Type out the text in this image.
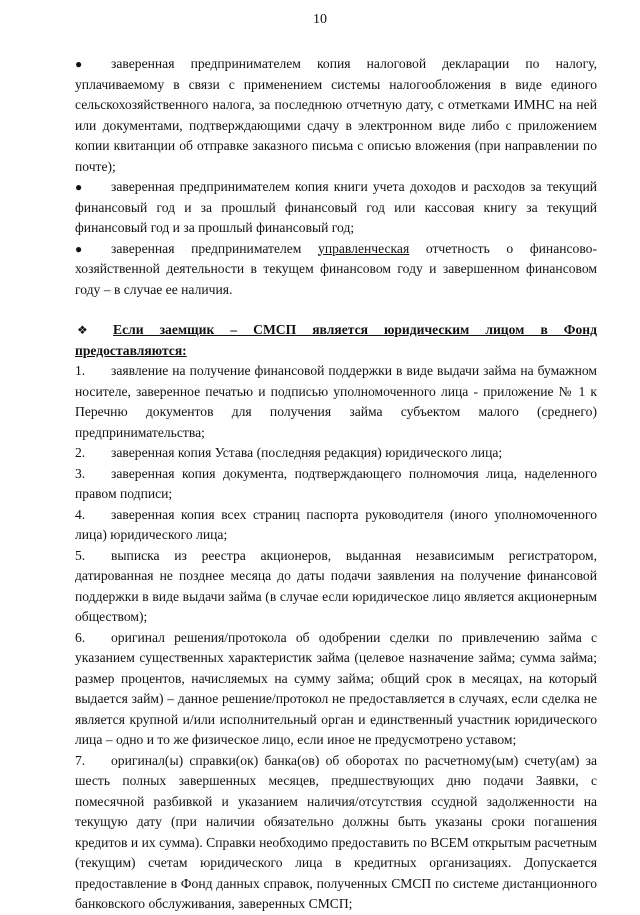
10

● заверенная предпринимателем копия налоговой декларации по налогу, уплачиваемому в связи с применением системы налогообложения в виде единого сельскохозяйственного налога, за последнюю отчетную дату, с отметками ИМНС на ней или документами, подтверждающими сдачу в электронном виде либо с приложением копии квитанции об отправке заказного письма с описью вложения (при направлении по почте);

● заверенная предпринимателем копия книги учета доходов и расходов за текущий финансовый год и за прошлый финансовый год или кассовая книгу за текущий финансовый год и за прошлый финансовый год;

● заверенная предпринимателем управленческая отчетность о финансово-хозяйственной деятельности в текущем финансовом году и завершенном финансовом году – в случае ее наличия.

❖ Если заемщик – СМСП является юридическим лицом в Фонд предоставляются:

1. заявление на получение финансовой поддержки в виде выдачи займа на бумажном носителе, заверенное печатью и подписью уполномоченного лица - приложение № 1 к Перечню документов для получения займа субъектом малого (среднего) предпринимательства;

2. заверенная копия Устава (последняя редакция) юридического лица;

3. заверенная копия документа, подтверждающего полномочия лица, наделенного правом подписи;

4. заверенная копия всех страниц паспорта руководителя (иного уполномоченного лица) юридического лица;

5. выписка из реестра акционеров, выданная независимым регистратором, датированная не позднее месяца до даты подачи заявления на получение финансовой поддержки в виде выдачи займа (в случае если юридическое лицо является акционерным обществом);

6. оригинал решения/протокола об одобрении сделки по привлечению займа с указанием существенных характеристик займа (целевое назначение займа; сумма займа; размер процентов, начисляемых на сумму займа; общий срок в месяцах, на который выдается займ) – данное решение/протокол не предоставляется в случаях, если сделка не является крупной и/или исполнительный орган и единственный участник юридического лица – одно и то же физическое лицо, если иное не предусмотрено уставом;

7. оригинал(ы) справки(ок) банка(ов) об оборотах по расчетному(ым) счету(ам) за шесть полных завершенных месяцев, предшествующих дню подачи Заявки, с помесячной разбивкой и указанием наличия/отсутствия ссудной задолженности на текущую дату (при наличии обязательно должны быть указаны сроки погашения кредитов и их сумма). Справки необходимо предоставить по ВСЕМ открытым расчетным (текущим) счетам юридического лица в кредитных организациях. Допускается предоставление в Фонд данных справок, полученных СМСП по системе дистанционного банковского обслуживания, заверенных СМСП;
